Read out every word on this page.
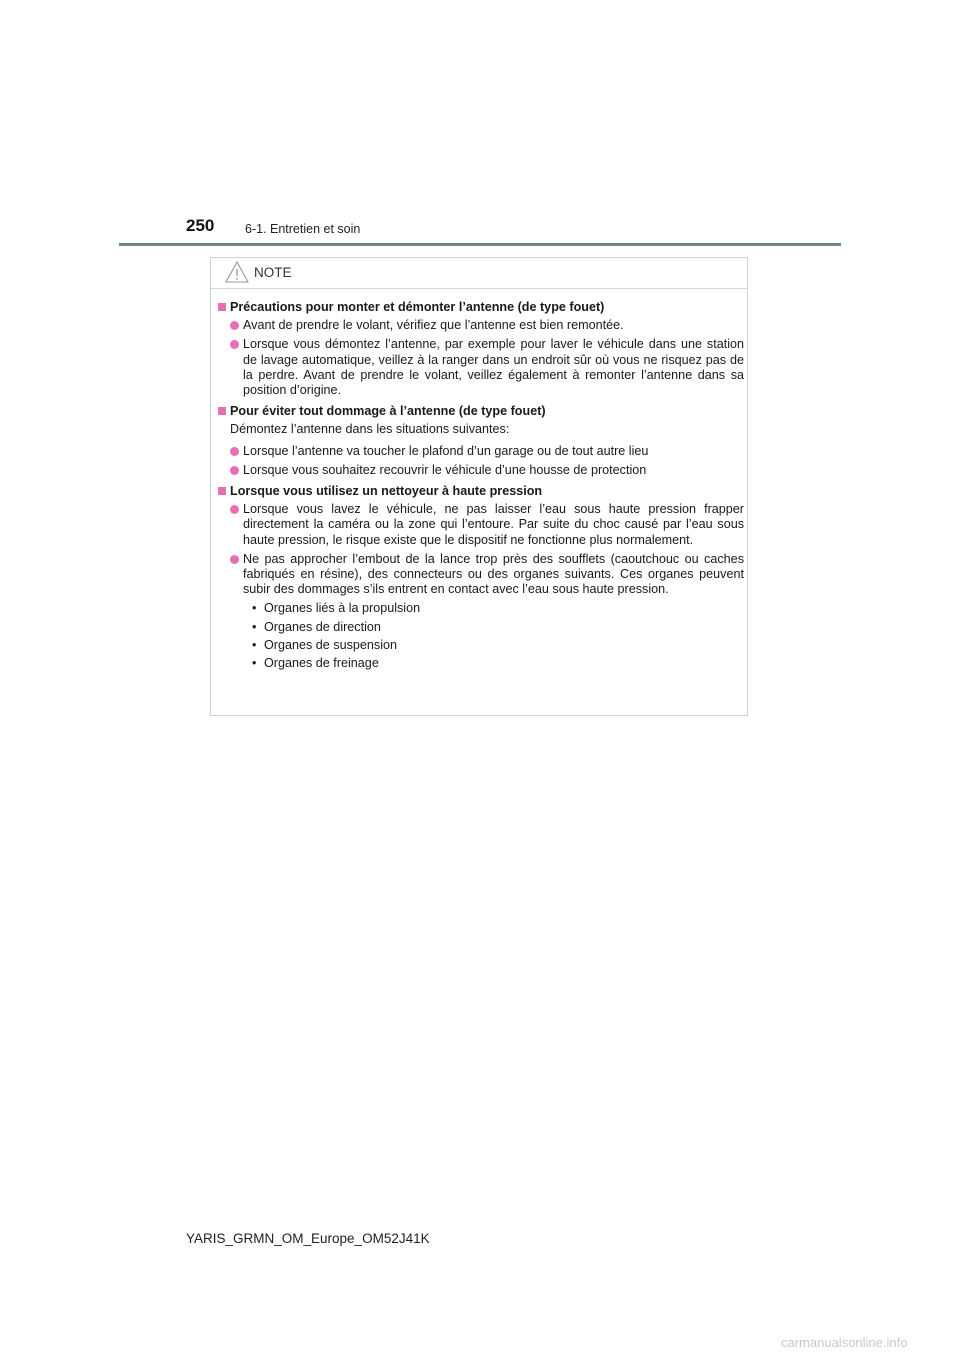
250 6-1. Entretien et soin
NOTE
Précautions pour monter et démonter l’antenne (de type fouet)
Avant de prendre le volant, vérifiez que l’antenne est bien remontée.
Lorsque vous démontez l’antenne, par exemple pour laver le véhicule dans une station de lavage automatique, veillez à la ranger dans un endroit sûr où vous ne risquez pas de la perdre. Avant de prendre le volant, veillez également à remonter l’antenne dans sa position d’origine.
Pour éviter tout dommage à l’antenne (de type fouet)
Démontez l’antenne dans les situations suivantes:
Lorsque l’antenne va toucher le plafond d’un garage ou de tout autre lieu
Lorsque vous souhaitez recouvrir le véhicule d’une housse de protection
Lorsque vous utilisez un nettoyeur à haute pression
Lorsque vous lavez le véhicule, ne pas laisser l’eau sous haute pression frapper directement la caméra ou la zone qui l’entoure. Par suite du choc causé par l’eau sous haute pression, le risque existe que le dispositif ne fonctionne plus normalement.
Ne pas approcher l’embout de la lance trop près des soufflets (caoutchouc ou caches fabriqués en résine), des connecteurs ou des organes suivants. Ces organes peuvent subir des dommages s’ils entrent en contact avec l’eau sous haute pression.
• Organes liés à la propulsion
• Organes de direction
• Organes de suspension
• Organes de freinage
YARIS_GRMN_OM_Europe_OM52J41K
carmanualsonline.info
